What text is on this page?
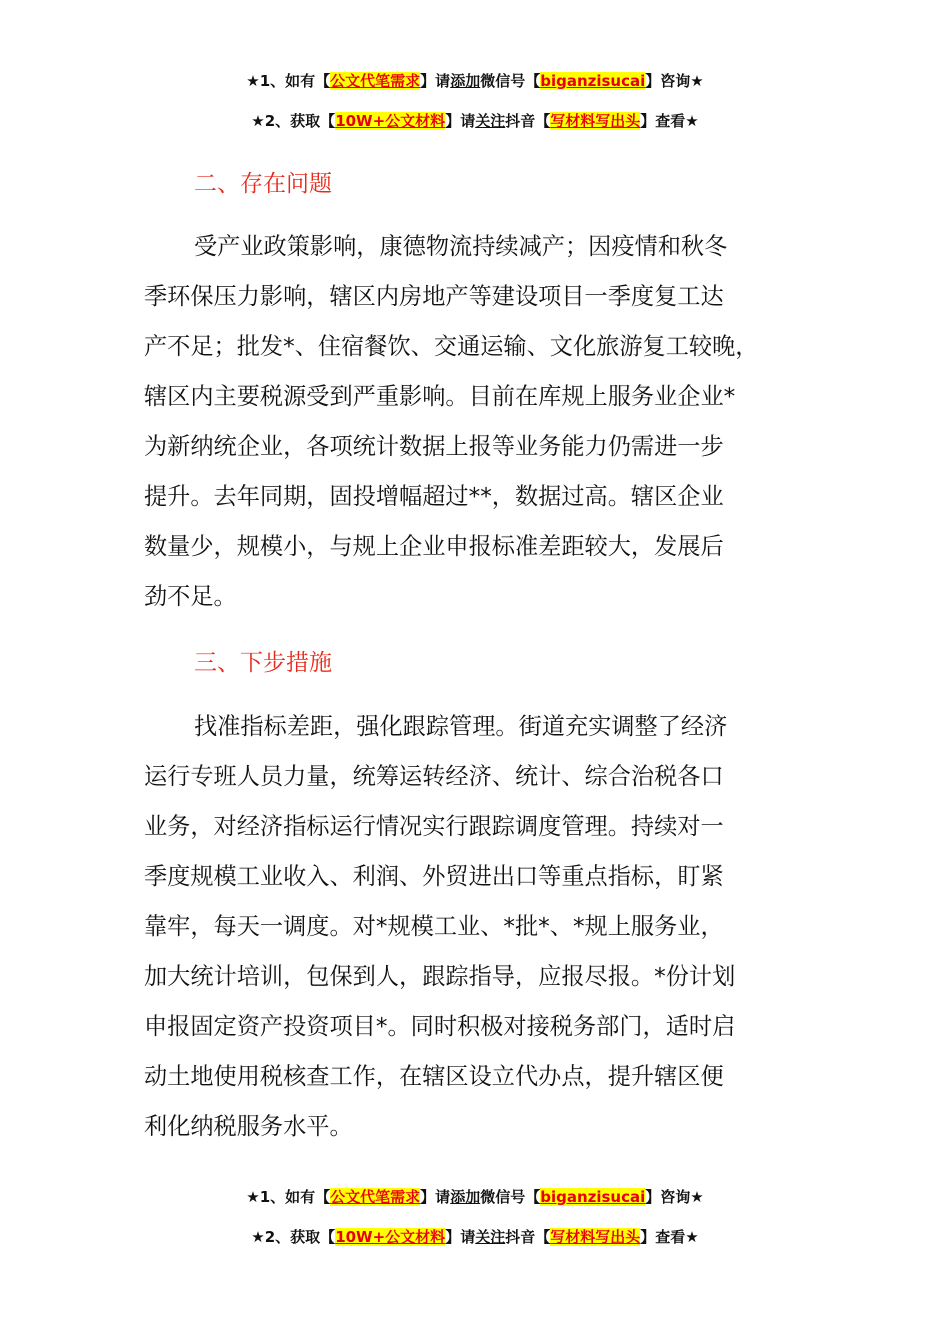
★1、如有【公文代笔需求】请添加微信号【biganzisucai】咨询★
★2、获取【10W+公文材料】请关注抖音【写材料写出头】查看★
二、存在问题
受产业政策影响，康德物流持续减产；因疫情和秋冬
季环保压力影响，辖区内房地产等建设项目一季度复工达
产不足；批发*、住宿餐饮、交通运输、文化旅游复工较晚，
辖区内主要税源受到严重影响。目前在库规上服务业企业*
为新纳统企业，各项统计数据上报等业务能力仍需进一步
提升。去年同期，固投增幅超过**，数据过高。辖区企业
数量少，规模小，与规上企业申报标准差距较大，发展后
劲不足。
三、下步措施
找准指标差距，强化跟踪管理。街道充实调整了经济
运行专班人员力量，统筹运转经济、统计、综合治税各口
业务，对经济指标运行情况实行跟踪调度管理。持续对一
季度规模工业收入、利润、外贸进出口等重点指标，盯紧
靠牢，每天一调度。对*规模工业、*批*、*规上服务业，
加大统计培训，包保到人，跟踪指导，应报尽报。*份计划
申报固定资产投资项目*。同时积极对接税务部门，适时启
动土地使用税核查工作，在辖区设立代办点，提升辖区便
利化纳税服务水平。
★1、如有【公文代笔需求】请添加微信号【biganzisucai】咨询★
★2、获取【10W+公文材料】请关注抖音【写材料写出头】查看★
